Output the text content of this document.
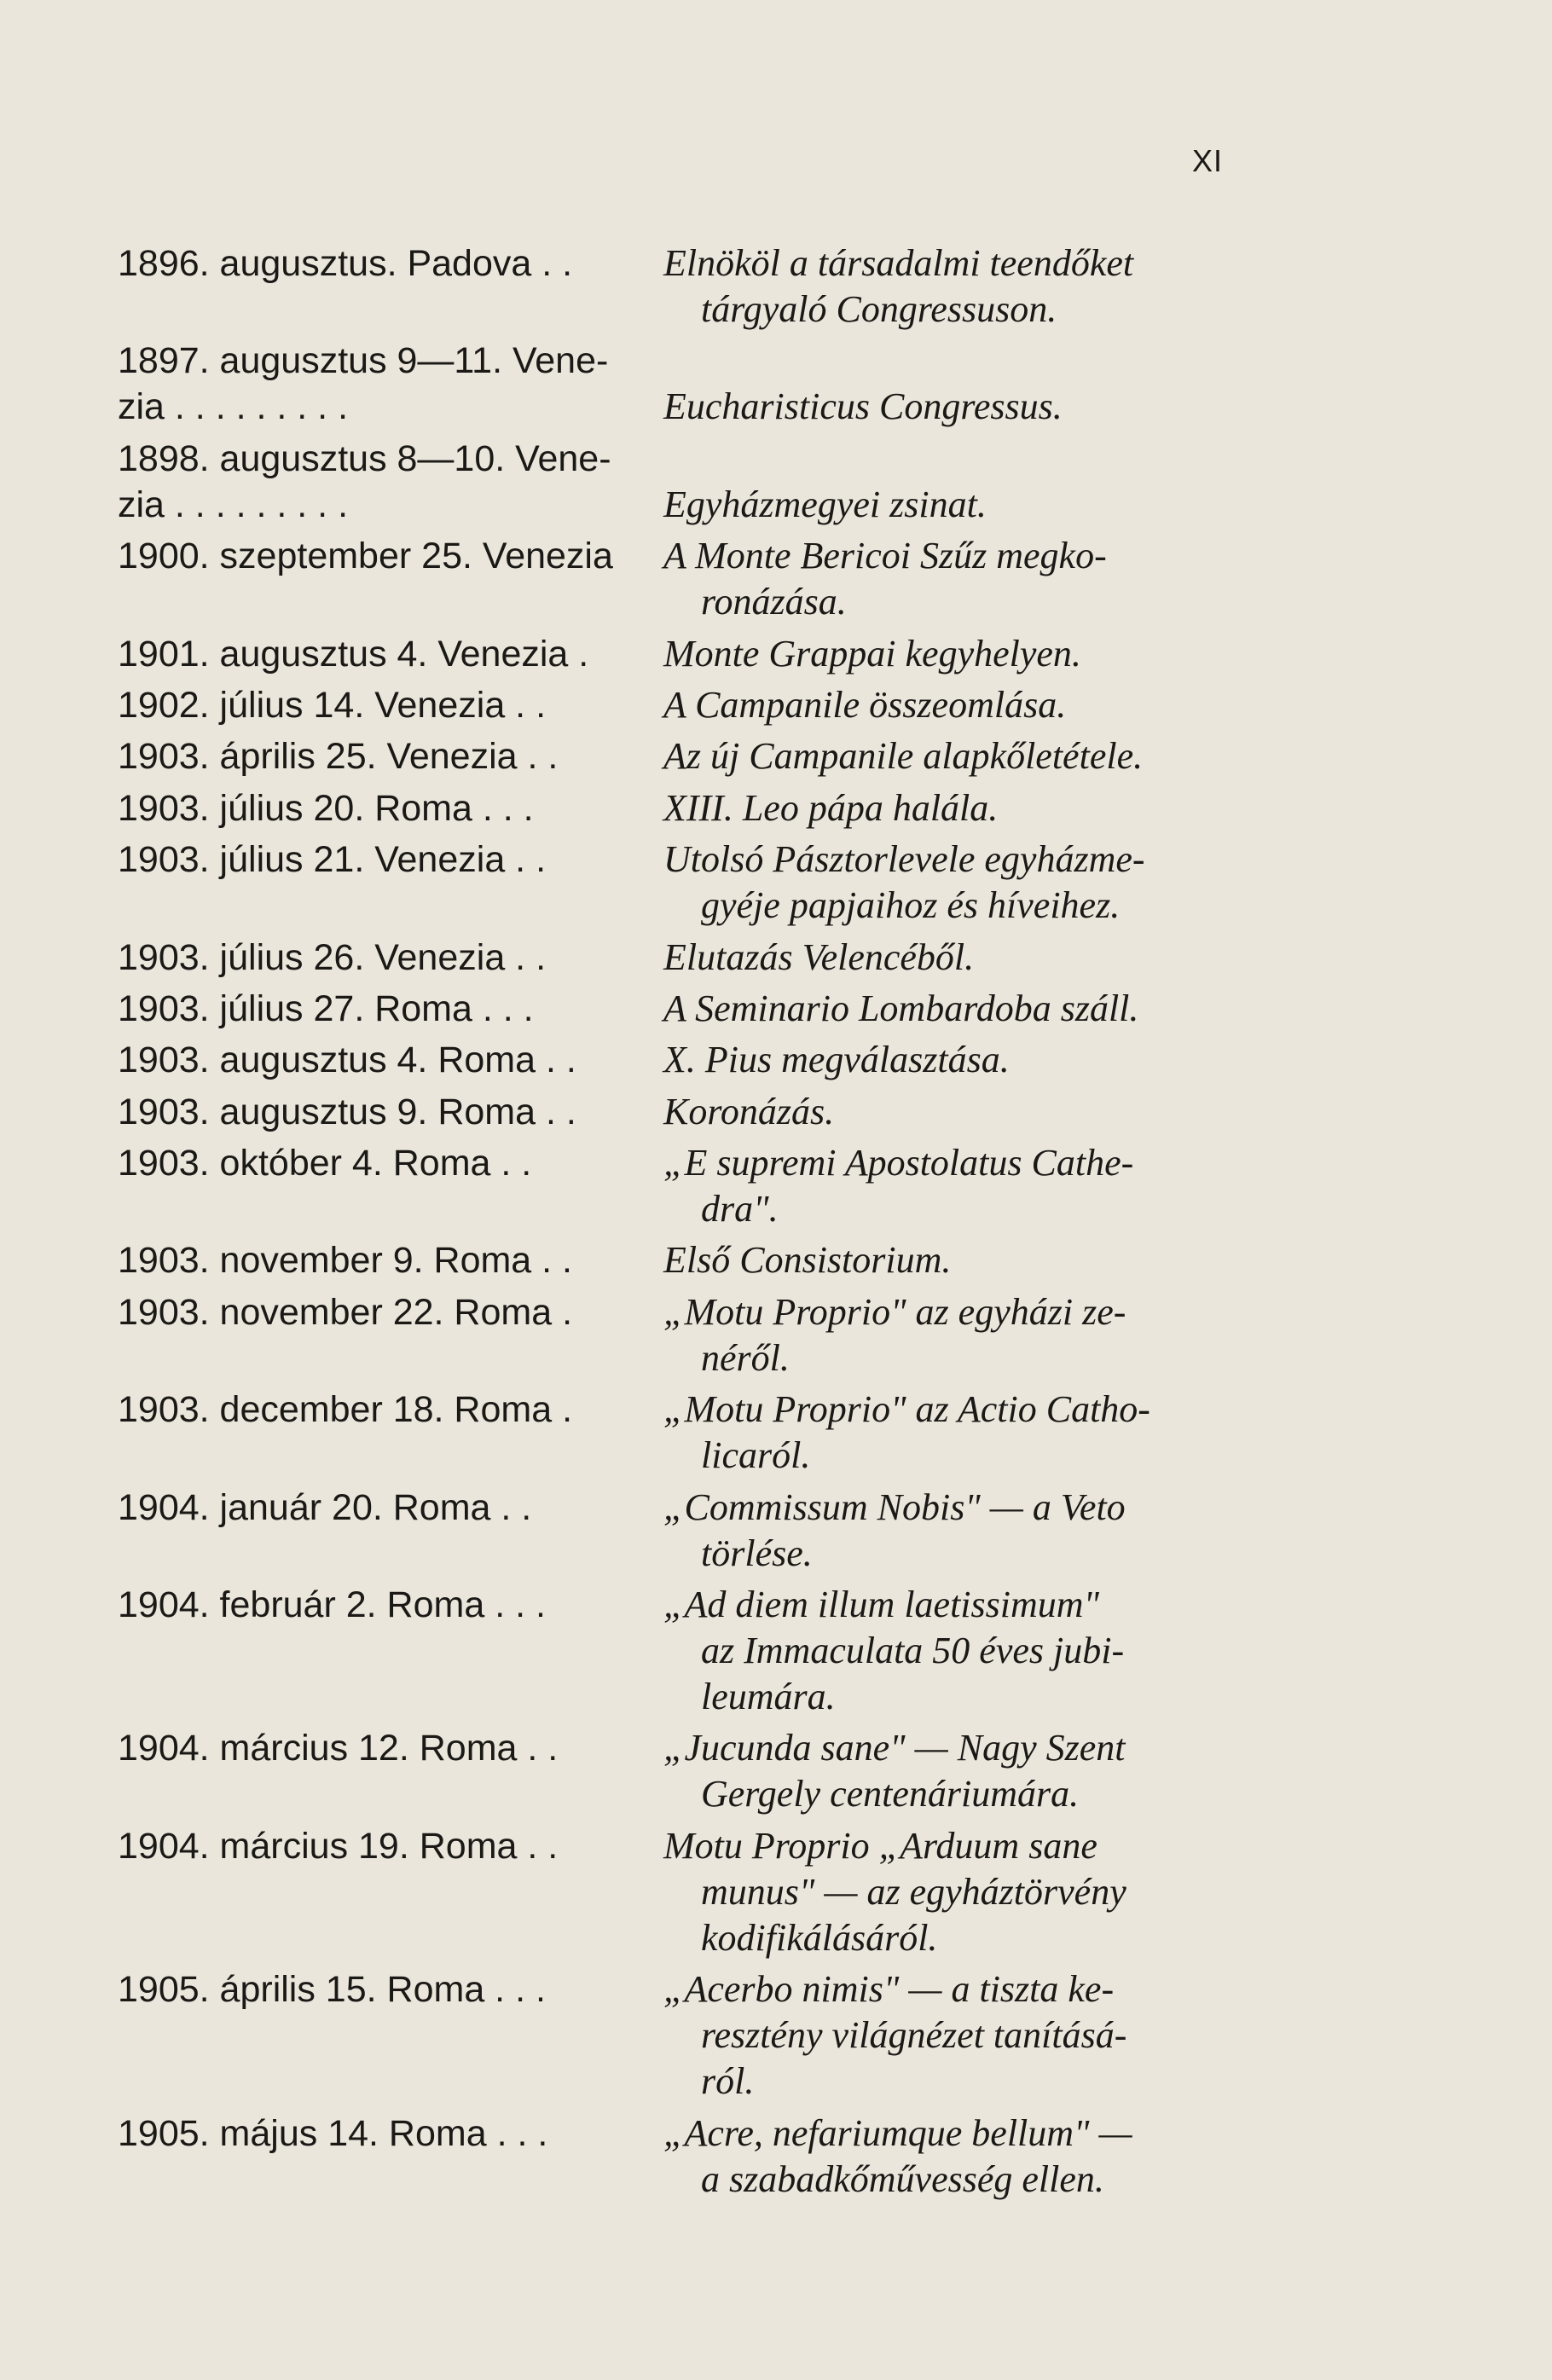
XI
1896. augusztus. Padova . . Elnököl a társadalmi teendőket
tárgyaló Congressuson.
1897. augusztus 9—11. Vene-
zia . . . . . . . . .	Eucharisticus Congressus.
1898. augusztus 8—10. Vene-
zia . . . . . . . . .	Egyházmegyei zsinat.
1900. szeptember 25. Venezia A Monte Bericoi Szűz megko-
ronázása.
1901. augusztus 4. Venezia . Monte Grappai kegyhelyen.
1902. július 14. Venezia . .	A Campanile összeomlása.
1903. április 25. Venezia . .	Az új Campanile alapkőletétele.
1903. július 20. Roma . . .	XIII. Leo pápa halála.
1903. július 21. Venezia . .	Utolsó Pásztorlevele egyházme-
gyéje papjaihoz és híveihez.
1903. július 26. Venezia . .	Elutazás Velencéből.
1903. július 27. Roma . . .	A Seminario Lombardoba száll.
1903. augusztus 4. Roma . . X. Pius megválasztása.
1903. augusztus 9. Roma . . Koronázás.
1903. október 4. Roma . .	„E supremi Apostolatus Cathe-
dra".
1903. november 9. Roma . . Első Consistorium.
1903. november 22. Roma . „Motu Proprio" az egyházi ze-
néről.
1903. december 18. Roma . „Motu Proprio" az Actio Catho-
licaról.
1904. január 20. Roma . .	„Commissum Nobis" — a Veto
törlése.
1904. február 2. Roma . . .	„Ad diem illum laetissimum"
az Immaculata 50 éves jubi-
leumára.
1904. március 12. Roma . .	„Jucunda sane" — Nagy Szent
Gergely centenáriumára.
1904. március 19. Roma . .	Motu Proprio „Arduum sane
munus" — az egyháztörvény
kodifikálásáról.
1905. április 15. Roma . . .	„Acerbo nimis" — a tiszta ke-
resztény világnézet tanításá-
ról.
1905. május 14. Roma . . .	„Acre, nefariumque bellum" —
a szabadkőművesség ellen.
